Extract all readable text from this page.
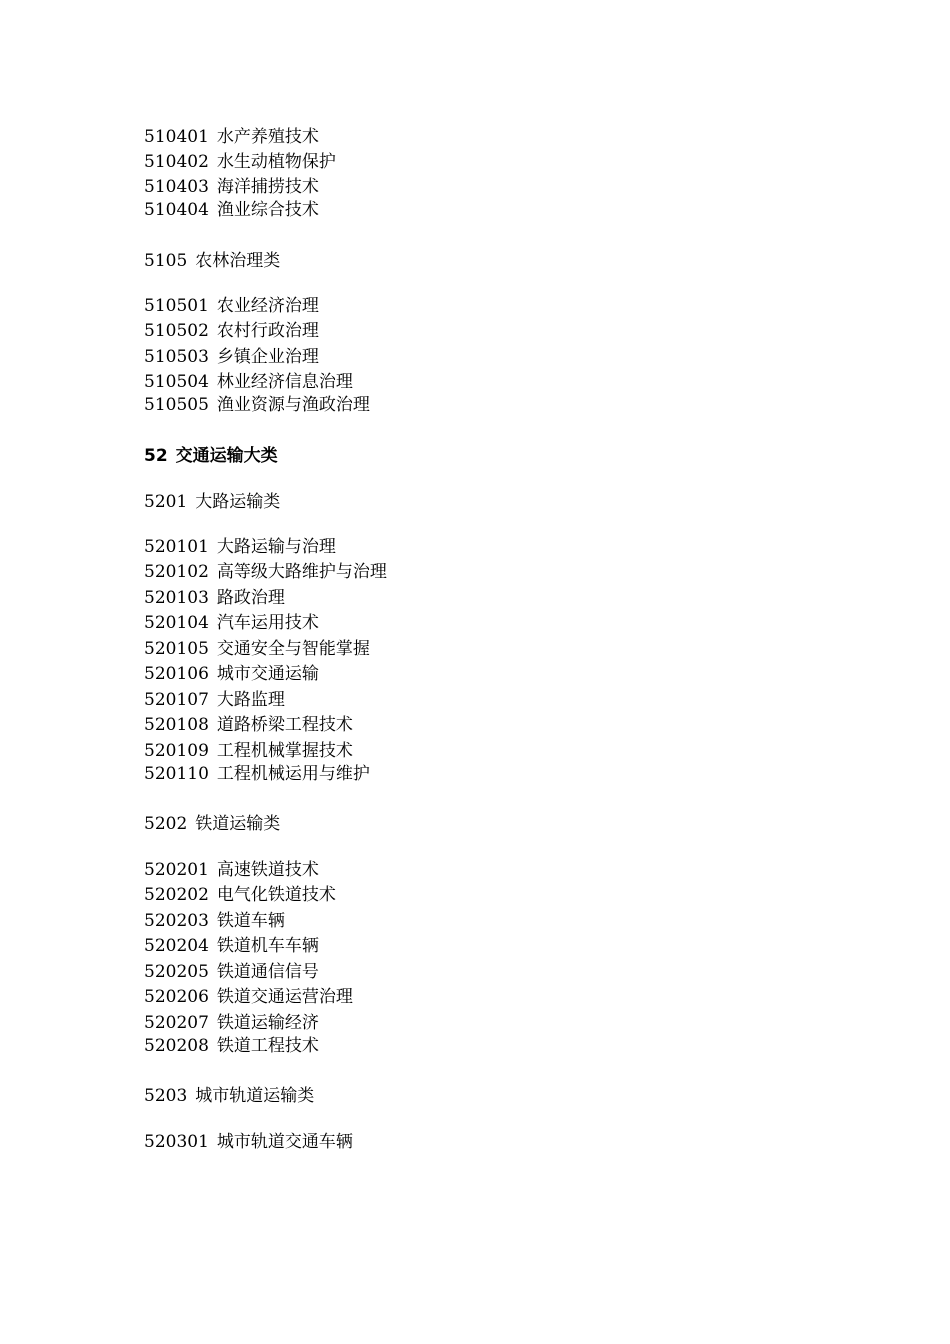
510401 水产养殖技术
510402 水生动植物保护
510403 海洋捕捞技术
510404 渔业综合技术
5105 农林治理类
510501 农业经济治理
510502 农村行政治理
510503 乡镇企业治理
510504 林业经济信息治理
510505 渔业资源与渔政治理
52 交通运输大类
5201 大路运输类
520101 大路运输与治理
520102 高等级大路维护与治理
520103 路政治理
520104 汽车运用技术
520105 交通安全与智能掌握
520106 城市交通运输
520107 大路监理
520108 道路桥梁工程技术
520109 工程机械掌握技术
520110 工程机械运用与维护
5202 铁道运输类
520201 高速铁道技术
520202 电气化铁道技术
520203 铁道车辆
520204 铁道机车车辆
520205 铁道通信信号
520206 铁道交通运营治理
520207 铁道运输经济
520208 铁道工程技术
5203 城市轨道运输类
520301 城市轨道交通车辆
